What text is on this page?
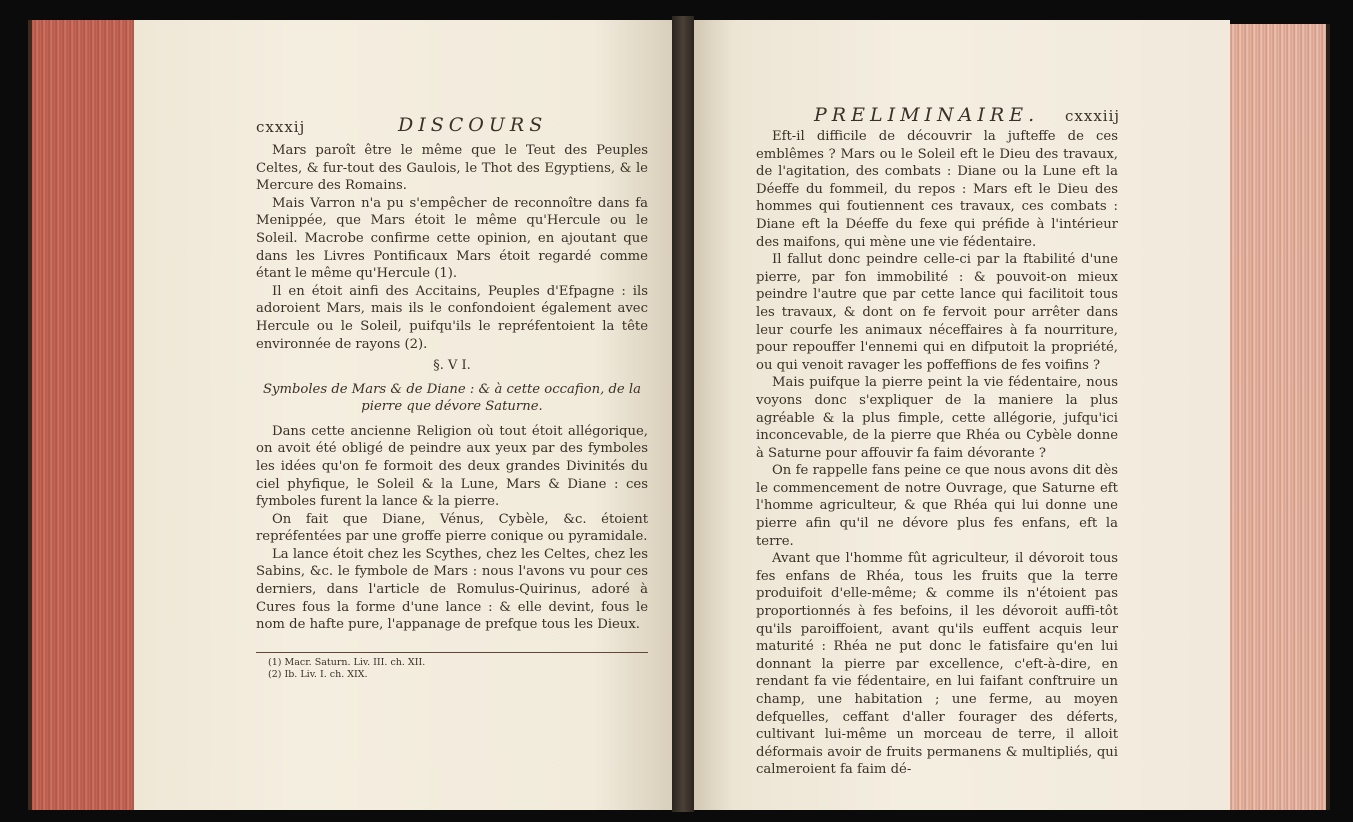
cxxxij	DISCOURS

Mars paroît être le même que le Teut des Peuples Celtes, & fur-tout des Gaulois, le Thot des Egyptiens, & le Mercure des Romains.

Mais Varron n'a pu s'empêcher de reconnoître dans fa Menippée, que Mars étoit le même qu'Hercule ou le Soleil. Macrobe confirme cette opinion, en ajoutant que dans les Livres Pontificaux Mars étoit regardé comme étant le même qu'Hercule (1).

Il en étoit ainfi des Accitains, Peuples d'Efpagne : ils adoroient Mars, mais ils le confondoient également avec Hercule ou le Soleil, puifqu'ils le repréfentoient la tête environnée de rayons (2).

§. V I.
Symboles de Mars & de Diane : & à cette occafion, de la pierre que dévore Saturne.

Dans cette ancienne Religion où tout étoit allégorique, on avoit été obligé de peindre aux yeux par des fymboles les idées qu'on fe formoit des deux grandes Divinités du ciel phyfique, le Soleil & la Lune, Mars & Diane : ces fymboles furent la lance & la pierre.

On fait que Diane, Vénus, Cybèle, &c. étoient repréfentées par une groffe pierre conique ou pyramidale.

La lance étoit chez les Scythes, chez les Celtes, chez les Sabins, &c. le fymbole de Mars : nous l'avons vu pour ces derniers, dans l'article de Romulus-Quirinus, adoré à Cures fous la forme d'une lance : & elle devint, fous le nom de hafte pure, l'appanage de prefque tous les Dieux.

(1) Macr. Saturn. Liv. III. ch. XII.
(2) Ib. Liv. I. ch. XIX.
PRELIMINAIRE. cxxxiij

Eft-il difficile de découvrir la jufteffe de ces emblêmes ? Mars ou le Soleil eft le Dieu des travaux, de l'agitation, des combats : Diane ou la Lune eft la Déeffe du fommeil, du repos : Mars eft le Dieu des hommes qui foutiennent ces travaux, ces combats : Diane eft la Déeffe du fexe qui préfide à l'intérieur des maifons, qui mène une vie fédentaire.

Il fallut donc peindre celle-ci par la ftabilité d'une pierre, par fon immobilité : & pouvoit-on mieux peindre l'autre que par cette lance qui facilitoit tous les travaux, & dont on fe fervoit pour arrêter dans leur courfe les animaux néceffaires à fa nourriture, pour repouffer l'ennemi qui en difputoit la propriété, ou qui venoit ravager les poffeffions de fes voifins ?

Mais puifque la pierre peint la vie fédentaire, nous voyons donc s'expliquer de la maniere la plus agréable & la plus fimple, cette allégorie, jufqu'ici inconcevable, de la pierre que Rhéa ou Cybèle donne à Saturne pour affouvir fa faim dévorante ?

On fe rappelle fans peine ce que nous avons dit dès le commencement de notre Ouvrage, que Saturne eft l'homme agriculteur, & que Rhéa qui lui donne une pierre afin qu'il ne dévore plus fes enfans, eft la terre.

Avant que l'homme fût agriculteur, il dévoroit tous fes enfans de Rhéa, tous les fruits que la terre produifoit d'elle-même; & comme ils n'étoient pas proportionnés à fes befoins, il les dévoroit auffi-tôt qu'ils paroiffoient, avant qu'ils euffent acquis leur maturité : Rhéa ne put donc le fatisfaire qu'en lui donnant la pierre par excellence, c'eft-à-dire, en rendant fa vie fédentaire, en lui faifant conftruire un champ, une habitation ; une ferme, au moyen defquelles, ceffant d'aller fourager des déferts, cultivant lui-même un morceau de terre, il alloit déformais avoir de fruits permanens & multipliés, qui calmeroient fa faim dé-
